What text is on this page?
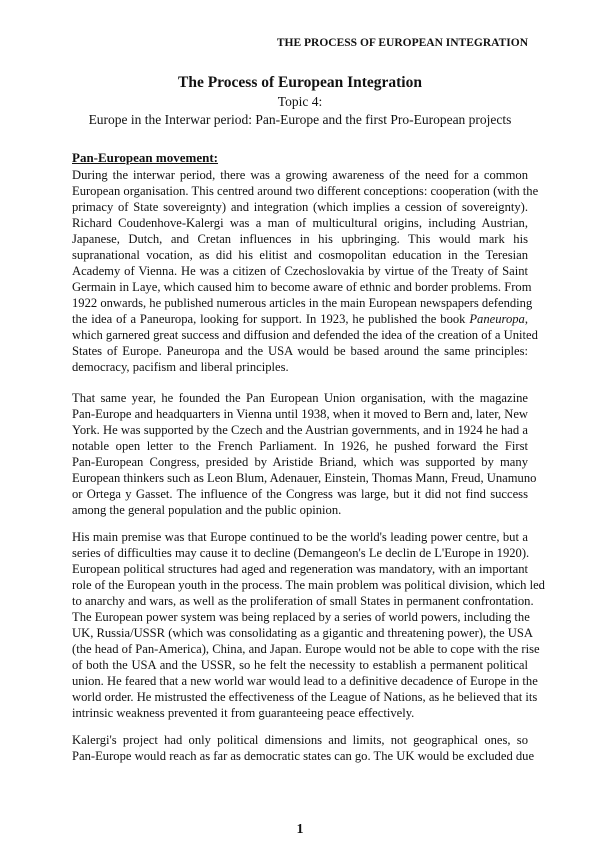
THE PROCESS OF EUROPEAN INTEGRATION
The Process of European Integration
Topic 4:
Europe in the Interwar period: Pan-Europe and the first Pro-European projects
Pan-European movement:
During the interwar period, there was a growing awareness of the need for a common
European organisation. This centred around two different conceptions: cooperation (with the
primacy of State sovereignty) and integration (which implies a cession of sovereignty).
Richard Coudenhove-Kalergi was a man of multicultural origins, including Austrian,
Japanese, Dutch, and Cretan influences in his upbringing. This would mark his
supranational vocation, as did his elitist and cosmopolitan education in the Teresian
Academy of Vienna. He was a citizen of Czechoslovakia by virtue of the Treaty of Saint
Germain in Laye, which caused him to become aware of ethnic and border problems. From
1922 onwards, he published numerous articles in the main European newspapers defending
the idea of a Paneuropa, looking for support. In 1923, he published the book Paneuropa,
which garnered great success and diffusion and defended the idea of the creation of a United
States of Europe. Paneuropa and the USA would be based around the same principles:
democracy, pacifism and liberal principles.
That same year, he founded the Pan European Union organisation, with the magazine
Pan-Europe and headquarters in Vienna until 1938, when it moved to Bern and, later, New
York. He was supported by the Czech and the Austrian governments, and in 1924 he had a
notable open letter to the French Parliament. In 1926, he pushed forward the First
Pan-European Congress, presided by Aristide Briand, which was supported by many
European thinkers such as Leon Blum, Adenauer, Einstein, Thomas Mann, Freud, Unamuno
or Ortega y Gasset. The influence of the Congress was large, but it did not find success
among the general population and the public opinion.
His main premise was that Europe continued to be the world's leading power centre, but a
series of difficulties may cause it to decline (Demangeon's Le declin de L'Europe in 1920).
European political structures had aged and regeneration was mandatory, with an important
role of the European youth in the process. The main problem was political division, which led
to anarchy and wars, as well as the proliferation of small States in permanent confrontation.
The European power system was being replaced by a series of world powers, including the
UK, Russia/USSR (which was consolidating as a gigantic and threatening power), the USA
(the head of Pan-America), China, and Japan. Europe would not be able to cope with the rise
of both the USA and the USSR, so he felt the necessity to establish a permanent political
union. He feared that a new world war would lead to a definitive decadence of Europe in the
world order. He mistrusted the effectiveness of the League of Nations, as he believed that its
intrinsic weakness prevented it from guaranteeing peace effectively.
Kalergi's project had only political dimensions and limits, not geographical ones, so
Pan-Europe would reach as far as democratic states can go. The UK would be excluded due
1
